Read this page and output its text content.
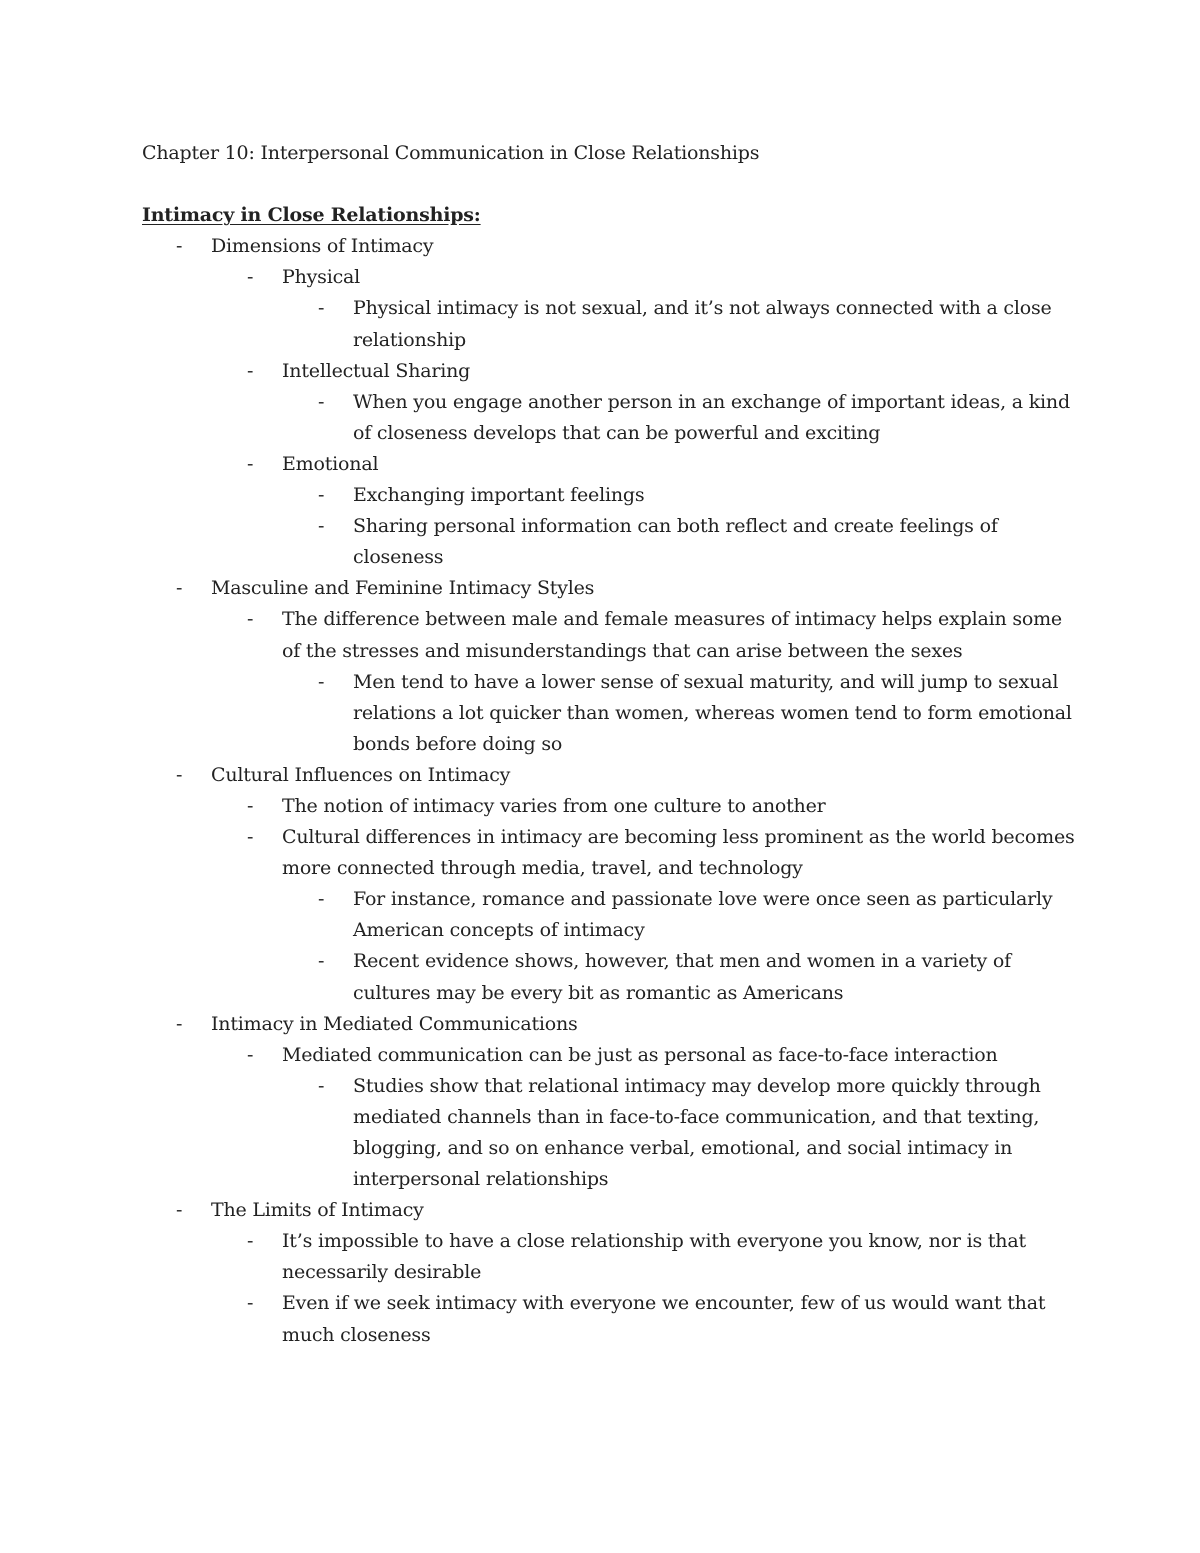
Chapter 10: Interpersonal Communication in Close Relationships

Intimacy in Close Relationships:

- Dimensions of Intimacy
- Physical
- Physical intimacy is not sexual, and it’s not always connected with a close relationship
- Intellectual Sharing
- When you engage another person in an exchange of important ideas, a kind of closeness develops that can be powerful and exciting
- Emotional
- Exchanging important feelings
- Sharing personal information can both reflect and create feelings of closeness
- Masculine and Feminine Intimacy Styles
- The difference between male and female measures of intimacy helps explain some of the stresses and misunderstandings that can arise between the sexes
- Men tend to have a lower sense of sexual maturity, and will jump to sexual relations a lot quicker than women, whereas women tend to form emotional bonds before doing so
- Cultural Influences on Intimacy
- The notion of intimacy varies from one culture to another
- Cultural differences in intimacy are becoming less prominent as the world becomes more connected through media, travel, and technology
- For instance, romance and passionate love were once seen as particularly American concepts of intimacy
- Recent evidence shows, however, that men and women in a variety of cultures may be every bit as romantic as Americans
- Intimacy in Mediated Communications
- Mediated communication can be just as personal as face-to-face interaction
- Studies show that relational intimacy may develop more quickly through mediated channels than in face-to-face communication, and that texting, blogging, and so on enhance verbal, emotional, and social intimacy in interpersonal relationships
- The Limits of Intimacy
- It’s impossible to have a close relationship with everyone you know, nor is that necessarily desirable
- Even if we seek intimacy with everyone we encounter, few of us would want that much closeness
